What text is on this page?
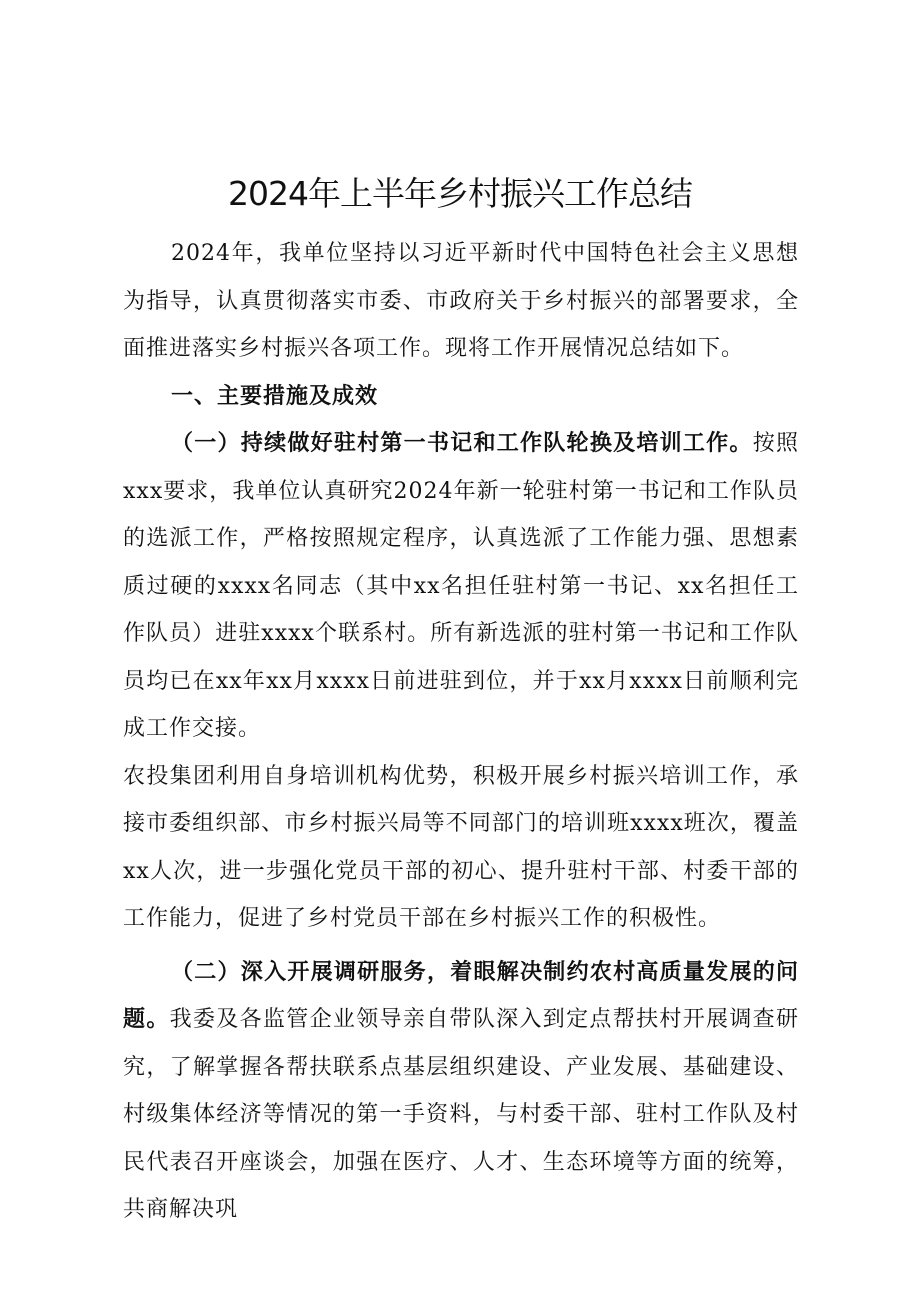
2024年上半年乡村振兴工作总结

2024年，我单位坚持以习近平新时代中国特色社会主义思想为指导，认真贯彻落实市委、市政府关于乡村振兴的部署要求，全面推进落实乡村振兴各项工作。现将工作开展情况总结如下。

一、主要措施及成效

（一）持续做好驻村第一书记和工作队轮换及培训工作。按照xxx要求，我单位认真研究2024年新一轮驻村第一书记和工作队员的选派工作，严格按照规定程序，认真选派了工作能力强、思想素质过硬的xxxx名同志（其中xx名担任驻村第一书记、xx名担任工作队员）进驻xxxx个联系村。所有新选派的驻村第一书记和工作队员均已在xx年xx月xxxx日前进驻到位，并于xx月xxxx日前顺利完成工作交接。

农投集团利用自身培训机构优势，积极开展乡村振兴培训工作，承接市委组织部、市乡村振兴局等不同部门的培训班xxxx班次，覆盖xx人次，进一步强化党员干部的初心、提升驻村干部、村委干部的工作能力，促进了乡村党员干部在乡村振兴工作的积极性。

（二）深入开展调研服务，着眼解决制约农村高质量发展的问题。我委及各监管企业领导亲自带队深入到定点帮扶村开展调查研究，了解掌握各帮扶联系点基层组织建设、产业发展、基础建设、村级集体经济等情况的第一手资料，与村委干部、驻村工作队及村民代表召开座谈会，加强在医疗、人才、生态环境等方面的统筹，共商解决巩
